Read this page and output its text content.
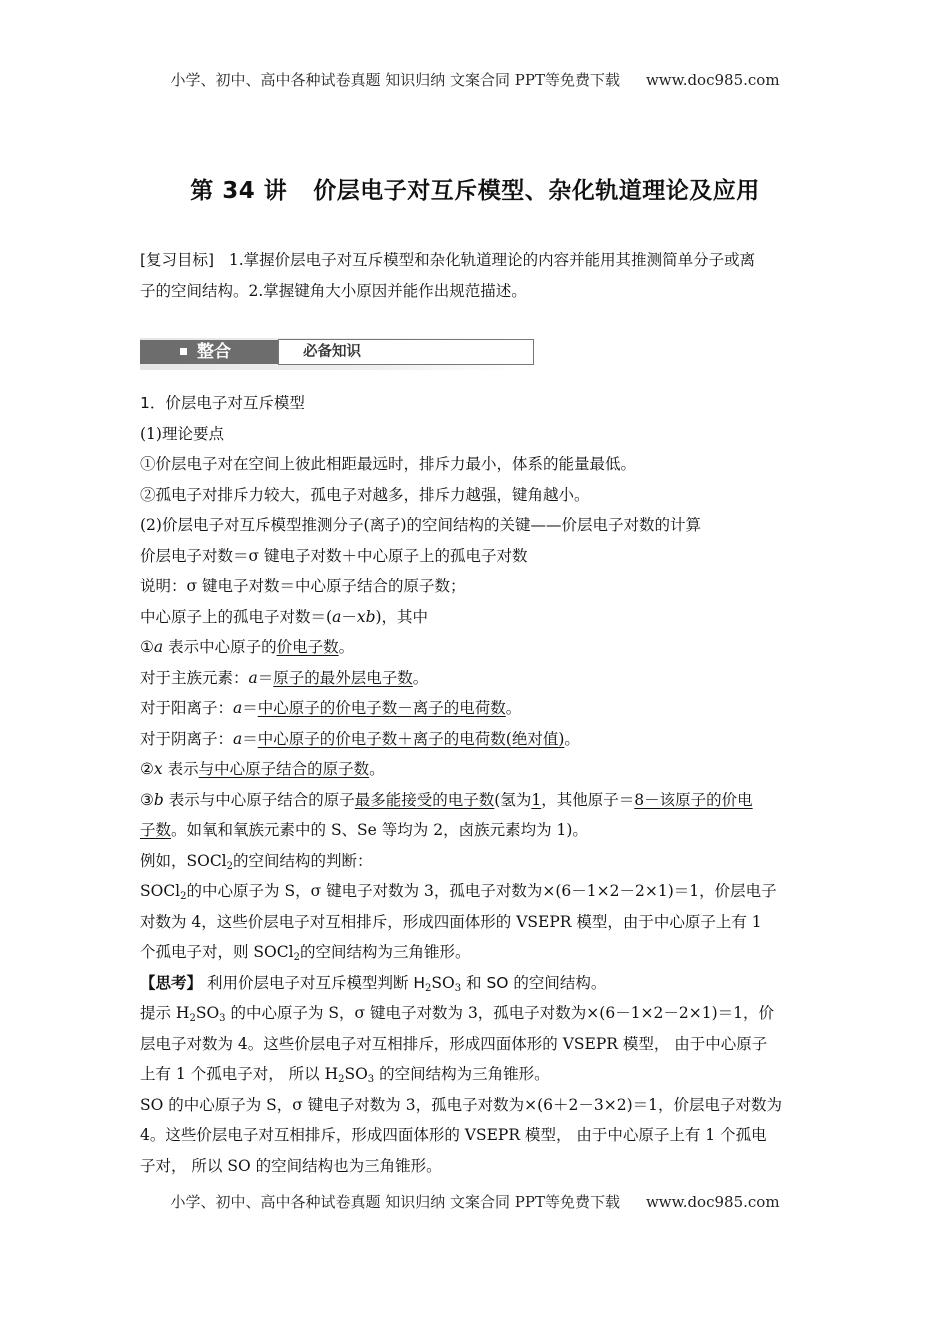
小学、初中、高中各种试卷真题 知识归纳 文案合同 PPT等免费下载 www.doc985.com
第 34 讲 价层电子对互斥模型、杂化轨道理论及应用
[复习目标] 1.掌握价层电子对互斥模型和杂化轨道理论的内容并能用其推测简单分子或离
子的空间结构。2.掌握键角大小原因并能作出规范描述。
整合	必备知识
1．价层电子对互斥模型
(1)理论要点
①价层电子对在空间上彼此相距最远时，排斥力最小，体系的能量最低。
②孤电子对排斥力较大，孤电子对越多，排斥力越强，键角越小。
(2)价层电子对互斥模型推测分子(离子)的空间结构的关键——价层电子对数的计算
价层电子对数＝σ 键电子对数＋中心原子上的孤电子对数
说明：σ 键电子对数＝中心原子结合的原子数；
中心原子上的孤电子对数＝(a－xb)，其中
①a 表示中心原子的价电子数。
对于主族元素：a＝原子的最外层电子数。
对于阳离子：a＝中心原子的价电子数－离子的电荷数。
对于阴离子：a＝中心原子的价电子数＋离子的电荷数(绝对值)。
②x 表示与中心原子结合的原子数。
③b 表示与中心原子结合的原子最多能接受的电子数(氢为1，其他原子＝8－该原子的价电
子数。如氧和氧族元素中的 S、Se 等均为 2，卤族元素均为 1)。
例如，SOCl$_2$的空间结构的判断：
SOCl$_2$的中心原子为 S，σ 键电子对数为 3，孤电子对数为×(6－1×2－2×1)＝1，价层电子
对数为 4，这些价层电子对互相排斥，形成四面体形的 VSEPR 模型，由于中心原子上有 1
个孤电子对，则 SOCl$_2$的空间结构为三角锥形。
【思考】 利用价层电子对互斥模型判断 $H_2SO_3$ 和 SO 的空间结构。
提示 $H_2SO_3$ 的中心原子为 S，σ 键电子对数为 3，孤电子对数为×(6－1×2－2×1)＝1，价
层电子对数为 4。这些价层电子对互相排斥，形成四面体形的 VSEPR 模型， 由于中心原子
上有 1 个孤电子对， 所以 $H_2SO_3$ 的空间结构为三角锥形。
SO 的中心原子为 S，σ 键电子对数为 3，孤电子对数为×(6＋2－3×2)＝1，价层电子对数为
4。这些价层电子对互相排斥，形成四面体形的 VSEPR 模型， 由于中心原子上有 1 个孤电
子对， 所以 SO 的空间结构也为三角锥形。
小学、初中、高中各种试卷真题 知识归纳 文案合同 PPT等免费下载 www.doc985.com
